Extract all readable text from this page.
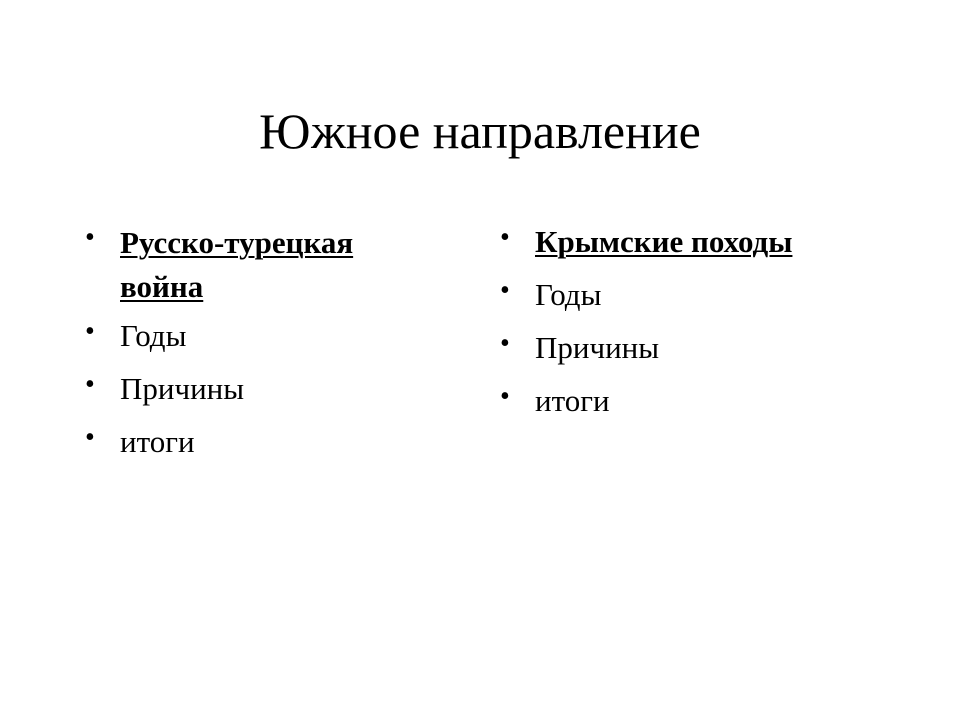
Южное направление
• Русско-турецкая война
• Годы
• Причины
• итоги
• Крымские походы
• Годы
• Причины
• итоги
